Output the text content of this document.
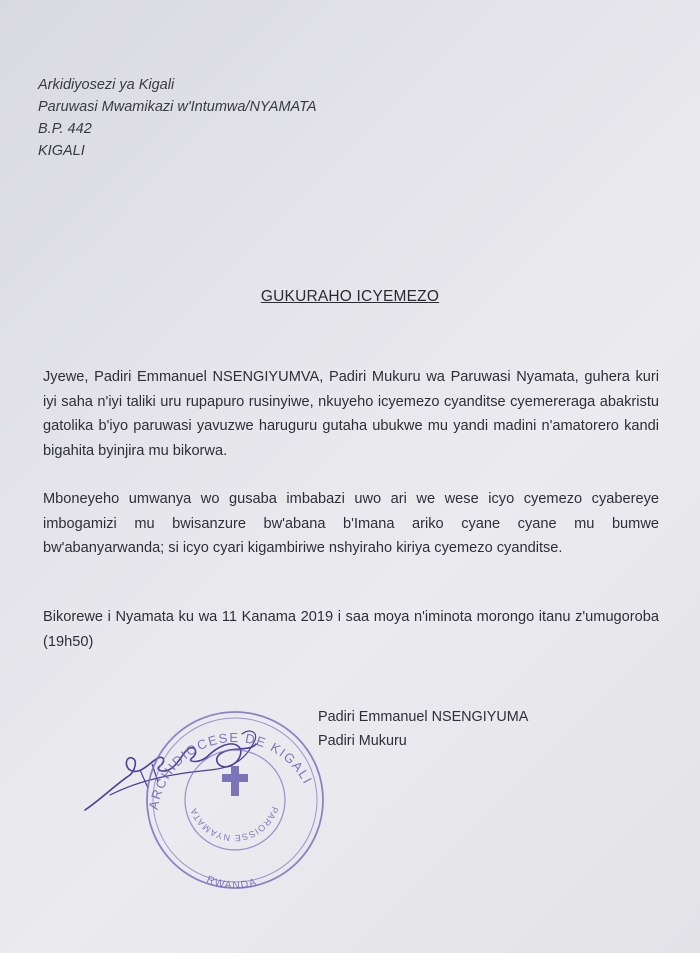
Arkidiyosezi ya Kigali
Paruwasi Mwamikazi w'Intumwa/NYAMATA
B.P. 442
KIGALI
GUKURAHO ICYEMEZO
Jyewe, Padiri Emmanuel NSENGIYUMVA, Padiri Mukuru wa Paruwasi Nyamata, guhera kuri iyi saha n'iyi taliki uru rupapuro rusinyiwe, nkuyeho icyemezo cyanditse cyemereraga abakristu gatolika b'iyo paruwasi yavuzwe haruguru gutaha ubukwe mu yandi madini n'amatorero kandi bigahita byinjira mu bikorwa.
Mboneyeho umwanya wo gusaba imbabazi uwo ari we wese icyo cyemezo cyabereye imbogamizi mu bwisanzure bw'abana b'Imana ariko cyane cyane mu bumwe bw'abanyarwanda; si icyo cyari kigambiriwe nshyiraho kiriya cyemezo cyanditse.
Bikorewe i Nyamata ku wa 11 Kanama 2019 i saa moya n'iminota morongo itanu z'umugoroba (19h50)
Padiri Emmanuel NSENGIYUMA
Padiri Mukuru
ARCHIDIOCESE DE KIGALI
PAROISSE NYAMATA
RWANDA
